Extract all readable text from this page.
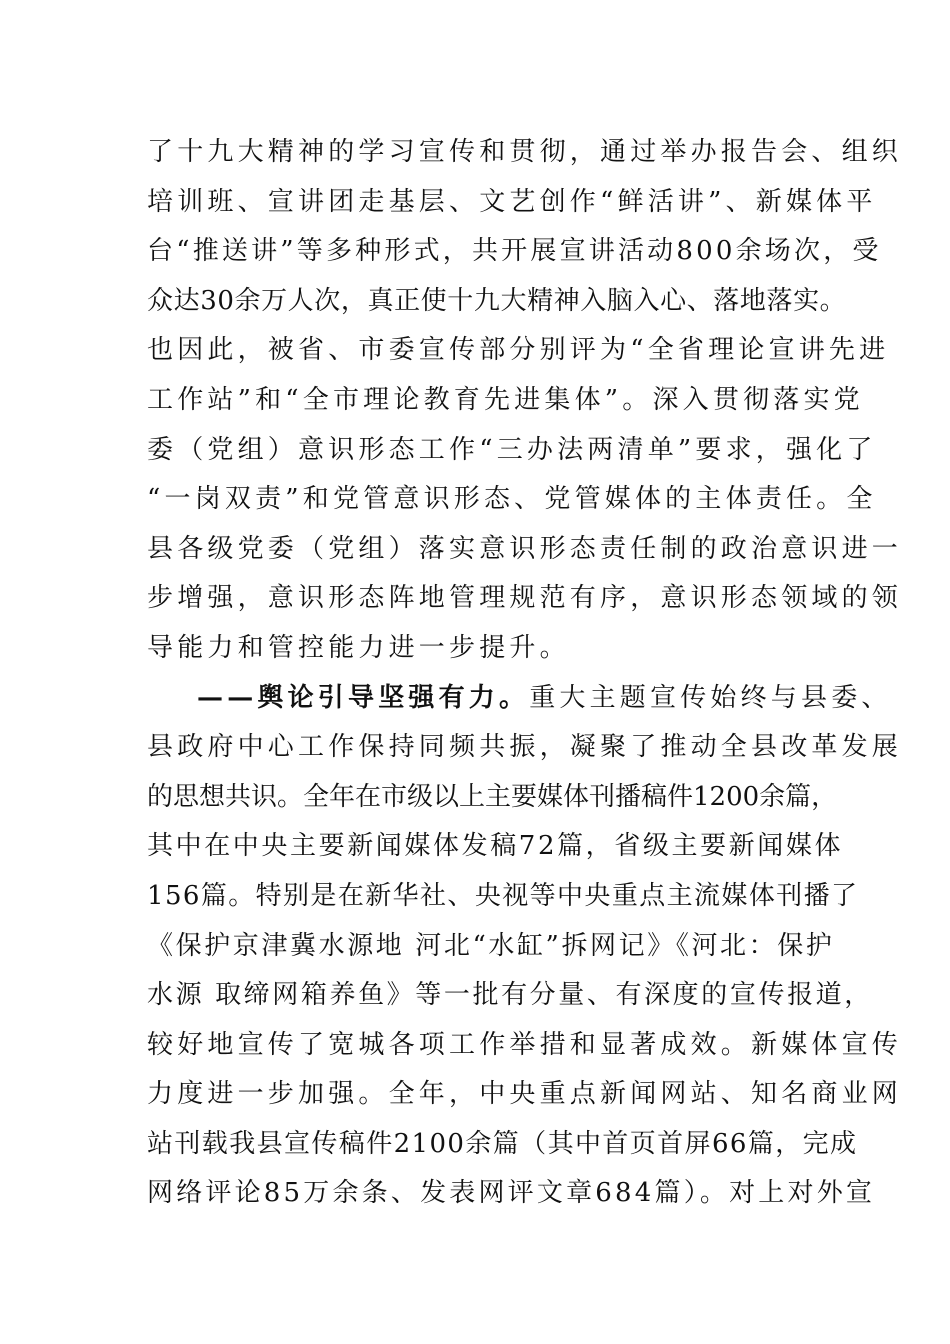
了十九大精神的学习宣传和贯彻，通过举办报告会、组织
培训班、宣讲团走基层、文艺创作“鲜活讲”、新媒体平
台“推送讲”等多种形式，共开展宣讲活动800余场次，受
众达30余万人次，真正使十九大精神入脑入心、落地落实。
也因此，被省、市委宣传部分别评为“全省理论宣讲先进
工作站”和“全市理论教育先进集体”。深入贯彻落实党
委（党组）意识形态工作“三办法两清单”要求，强化了
“一岗双责”和党管意识形态、党管媒体的主体责任。全
县各级党委（党组）落实意识形态责任制的政治意识进一
步增强，意识形态阵地管理规范有序，意识形态领域的领
导能力和管控能力进一步提升。
——舆论引导坚强有力。重大主题宣传始终与县委、
县政府中心工作保持同频共振，凝聚了推动全县改革发展
的思想共识。全年在市级以上主要媒体刊播稿件1200余篇，
其中在中央主要新闻媒体发稿72篇，省级主要新闻媒体
156篇。特别是在新华社、央视等中央重点主流媒体刊播了
《保护京津冀水源地 河北“水缸”拆网记》《河北：保护
水源 取缔网箱养鱼》等一批有分量、有深度的宣传报道，
较好地宣传了宽城各项工作举措和显著成效。新媒体宣传
力度进一步加强。全年，中央重点新闻网站、知名商业网
站刊载我县宣传稿件2100余篇（其中首页首屏66篇，完成
网络评论85万余条、发表网评文章684篇）。对上对外宣
